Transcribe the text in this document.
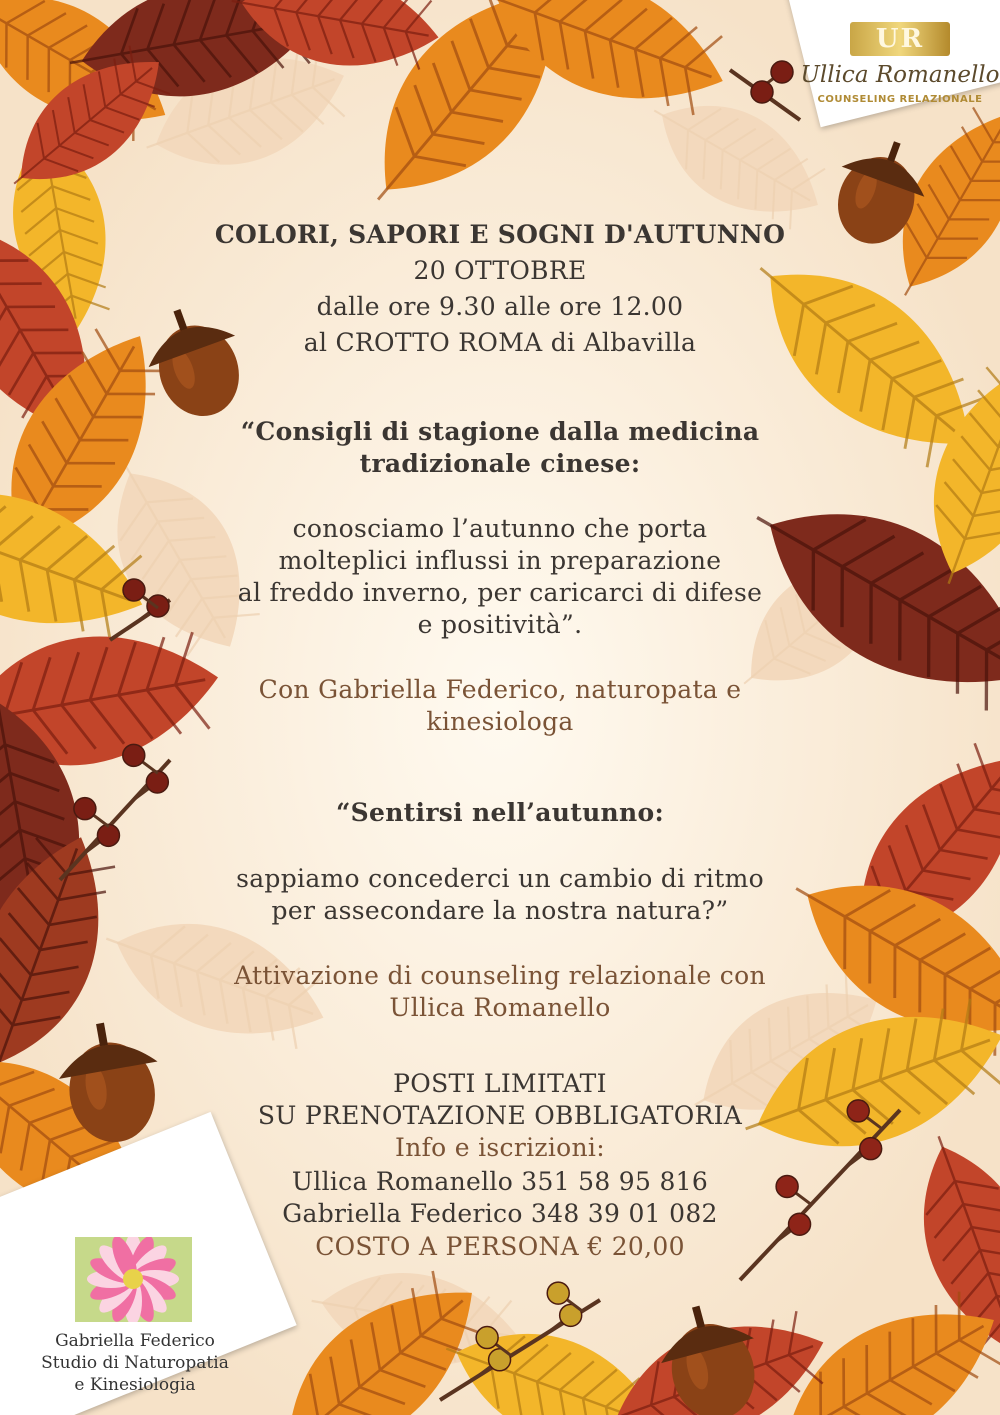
UR
Ullica Romanello
COUNSELING RELAZIONALE
COLORI, SAPORI E SOGNI D'AUTUNNO
20 OTTOBRE
dalle ore 9.30 alle ore 12.00
al CROTTO ROMA di Albavilla
“Consigli di stagione dalla medicina
tradizionale cinese:
conosciamo l’autunno che porta
molteplici influssi in preparazione
al freddo inverno, per caricarci di difese
e positività”.
Con Gabriella Federico, naturopata e
kinesiologa
“Sentirsi nell’autunno:
sappiamo concederci un cambio di ritmo
per assecondare la nostra natura?”
Attivazione di counseling relazionale con
Ullica Romanello
POSTI LIMITATI
SU PRENOTAZIONE OBBLIGATORIA
Info e iscrizioni:
Ullica Romanello 351 58 95 816
Gabriella Federico 348 39 01 082
COSTO A PERSONA € 20,00
Gabriella Federico
Studio di Naturopatia
e Kinesiologia
